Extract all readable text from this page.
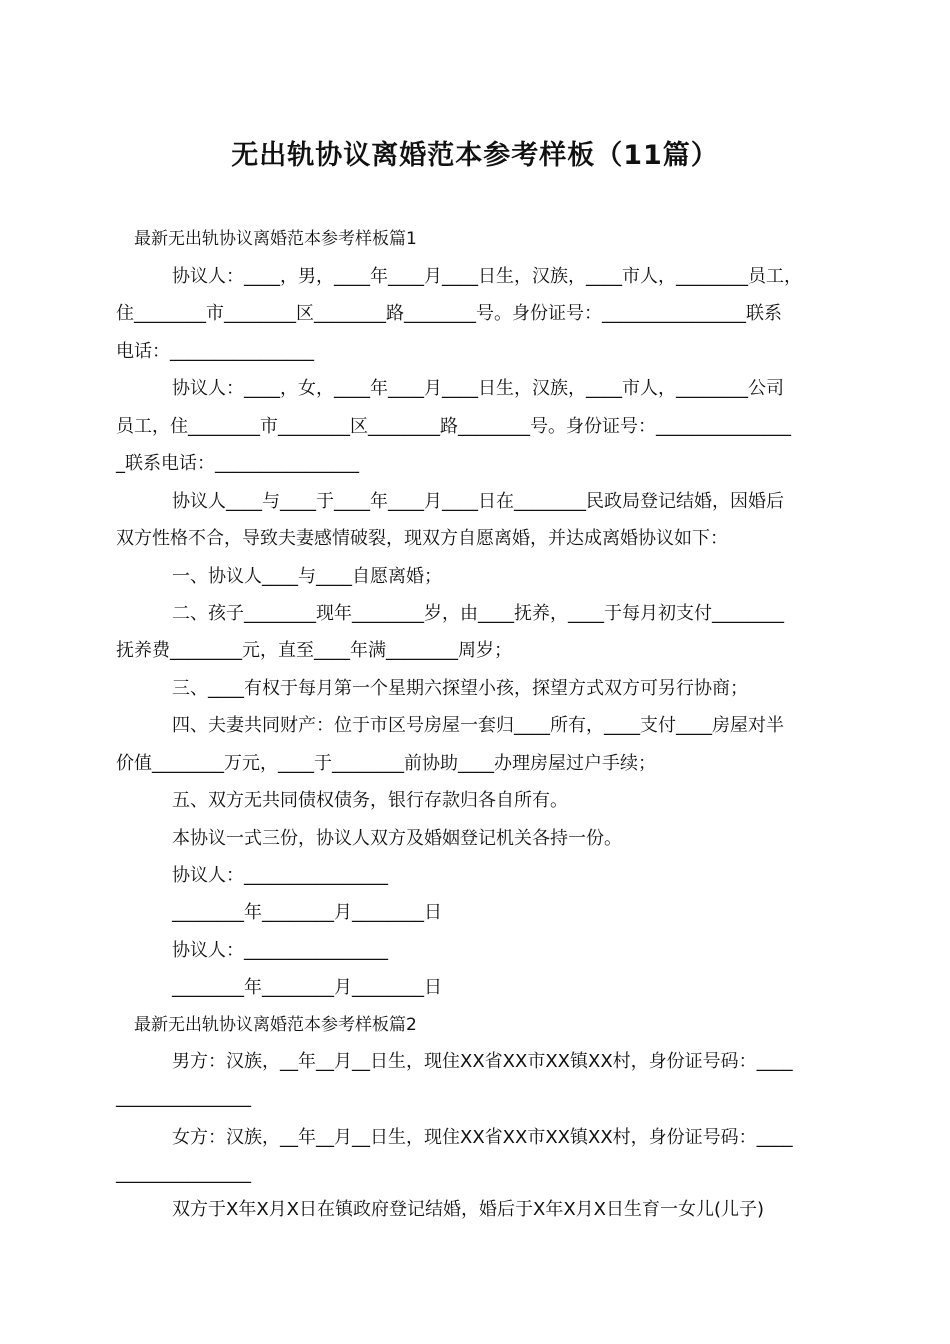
无出轨协议离婚范本参考样板（11篇）
最新无出轨协议离婚范本参考样板篇1
协议人：____，男，____年____月____日生，汉族，____市人，________员工，
住________市________区________路________号。身份证号：________________联系
电话：________________
协议人：____，女，____年____月____日生，汉族，____市人，________公司
员工，住________市________区________路________号。身份证号：_______________
_联系电话：________________
协议人____与____于____年____月____日在________民政局登记结婚，因婚后
双方性格不合，导致夫妻感情破裂，现双方自愿离婚，并达成离婚协议如下：
一、协议人____与____自愿离婚；
二、孩子________现年________岁，由____抚养，____于每月初支付________
抚养费________元，直至____年满________周岁；
三、____有权于每月第一个星期六探望小孩，探望方式双方可另行协商；
四、夫妻共同财产：位于市区号房屋一套归____所有，____支付____房屋对半
价值________万元，____于________前协助____办理房屋过户手续；
五、双方无共同债权债务，银行存款归各自所有。
本协议一式三份，协议人双方及婚姻登记机关各持一份。
协议人：________________
________年________月________日
协议人：________________
________年________月________日
最新无出轨协议离婚范本参考样板篇2
男方：汉族，__年__月__日生，现住XX省XX市XX镇XX村，身份证号码：____
_______________
女方：汉族，__年__月__日生，现住XX省XX市XX镇XX村，身份证号码：____
_______________
双方于X年X月X日在镇政府登记结婚，婚后于X年X月X日生育一女儿(儿子)
